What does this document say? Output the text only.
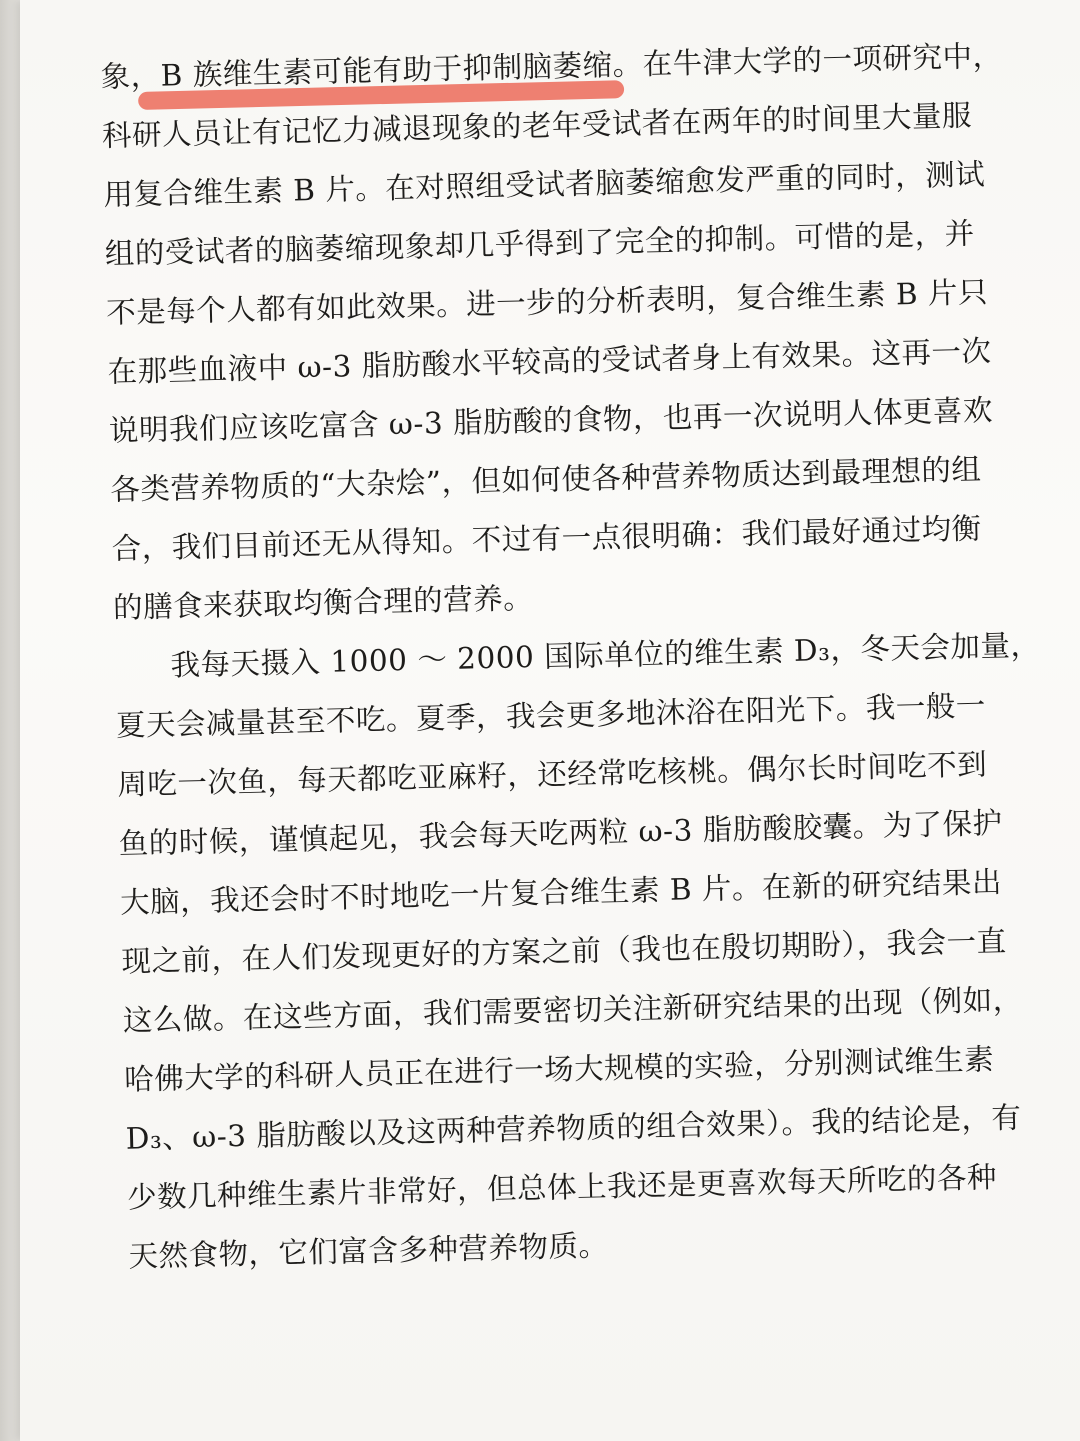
象，B 族维生素可能有助于抑制脑萎缩。在牛津大学的一项研究中，
科研人员让有记忆力减退现象的老年受试者在两年的时间里大量服
用复合维生素 B 片。在对照组受试者脑萎缩愈发严重的同时，测试
组的受试者的脑萎缩现象却几乎得到了完全的抑制。可惜的是，并
不是每个人都有如此效果。进一步的分析表明，复合维生素 B 片只
在那些血液中 ω-3 脂肪酸水平较高的受试者身上有效果。这再一次
说明我们应该吃富含 ω-3 脂肪酸的食物，也再一次说明人体更喜欢
各类营养物质的“大杂烩”，但如何使各种营养物质达到最理想的组
合，我们目前还无从得知。不过有一点很明确：我们最好通过均衡
的膳食来获取均衡合理的营养。
我每天摄入 1000 ～ 2000 国际单位的维生素 D₃，冬天会加量，
夏天会减量甚至不吃。夏季，我会更多地沐浴在阳光下。我一般一
周吃一次鱼，每天都吃亚麻籽，还经常吃核桃。偶尔长时间吃不到
鱼的时候，谨慎起见，我会每天吃两粒 ω-3 脂肪酸胶囊。为了保护
大脑，我还会时不时地吃一片复合维生素 B 片。在新的研究结果出
现之前，在人们发现更好的方案之前（我也在殷切期盼），我会一直
这么做。在这些方面，我们需要密切关注新研究结果的出现（例如，
哈佛大学的科研人员正在进行一场大规模的实验，分别测试维生素
D₃、ω-3 脂肪酸以及这两种营养物质的组合效果）。我的结论是，有
少数几种维生素片非常好，但总体上我还是更喜欢每天所吃的各种
天然食物，它们富含多种营养物质。
